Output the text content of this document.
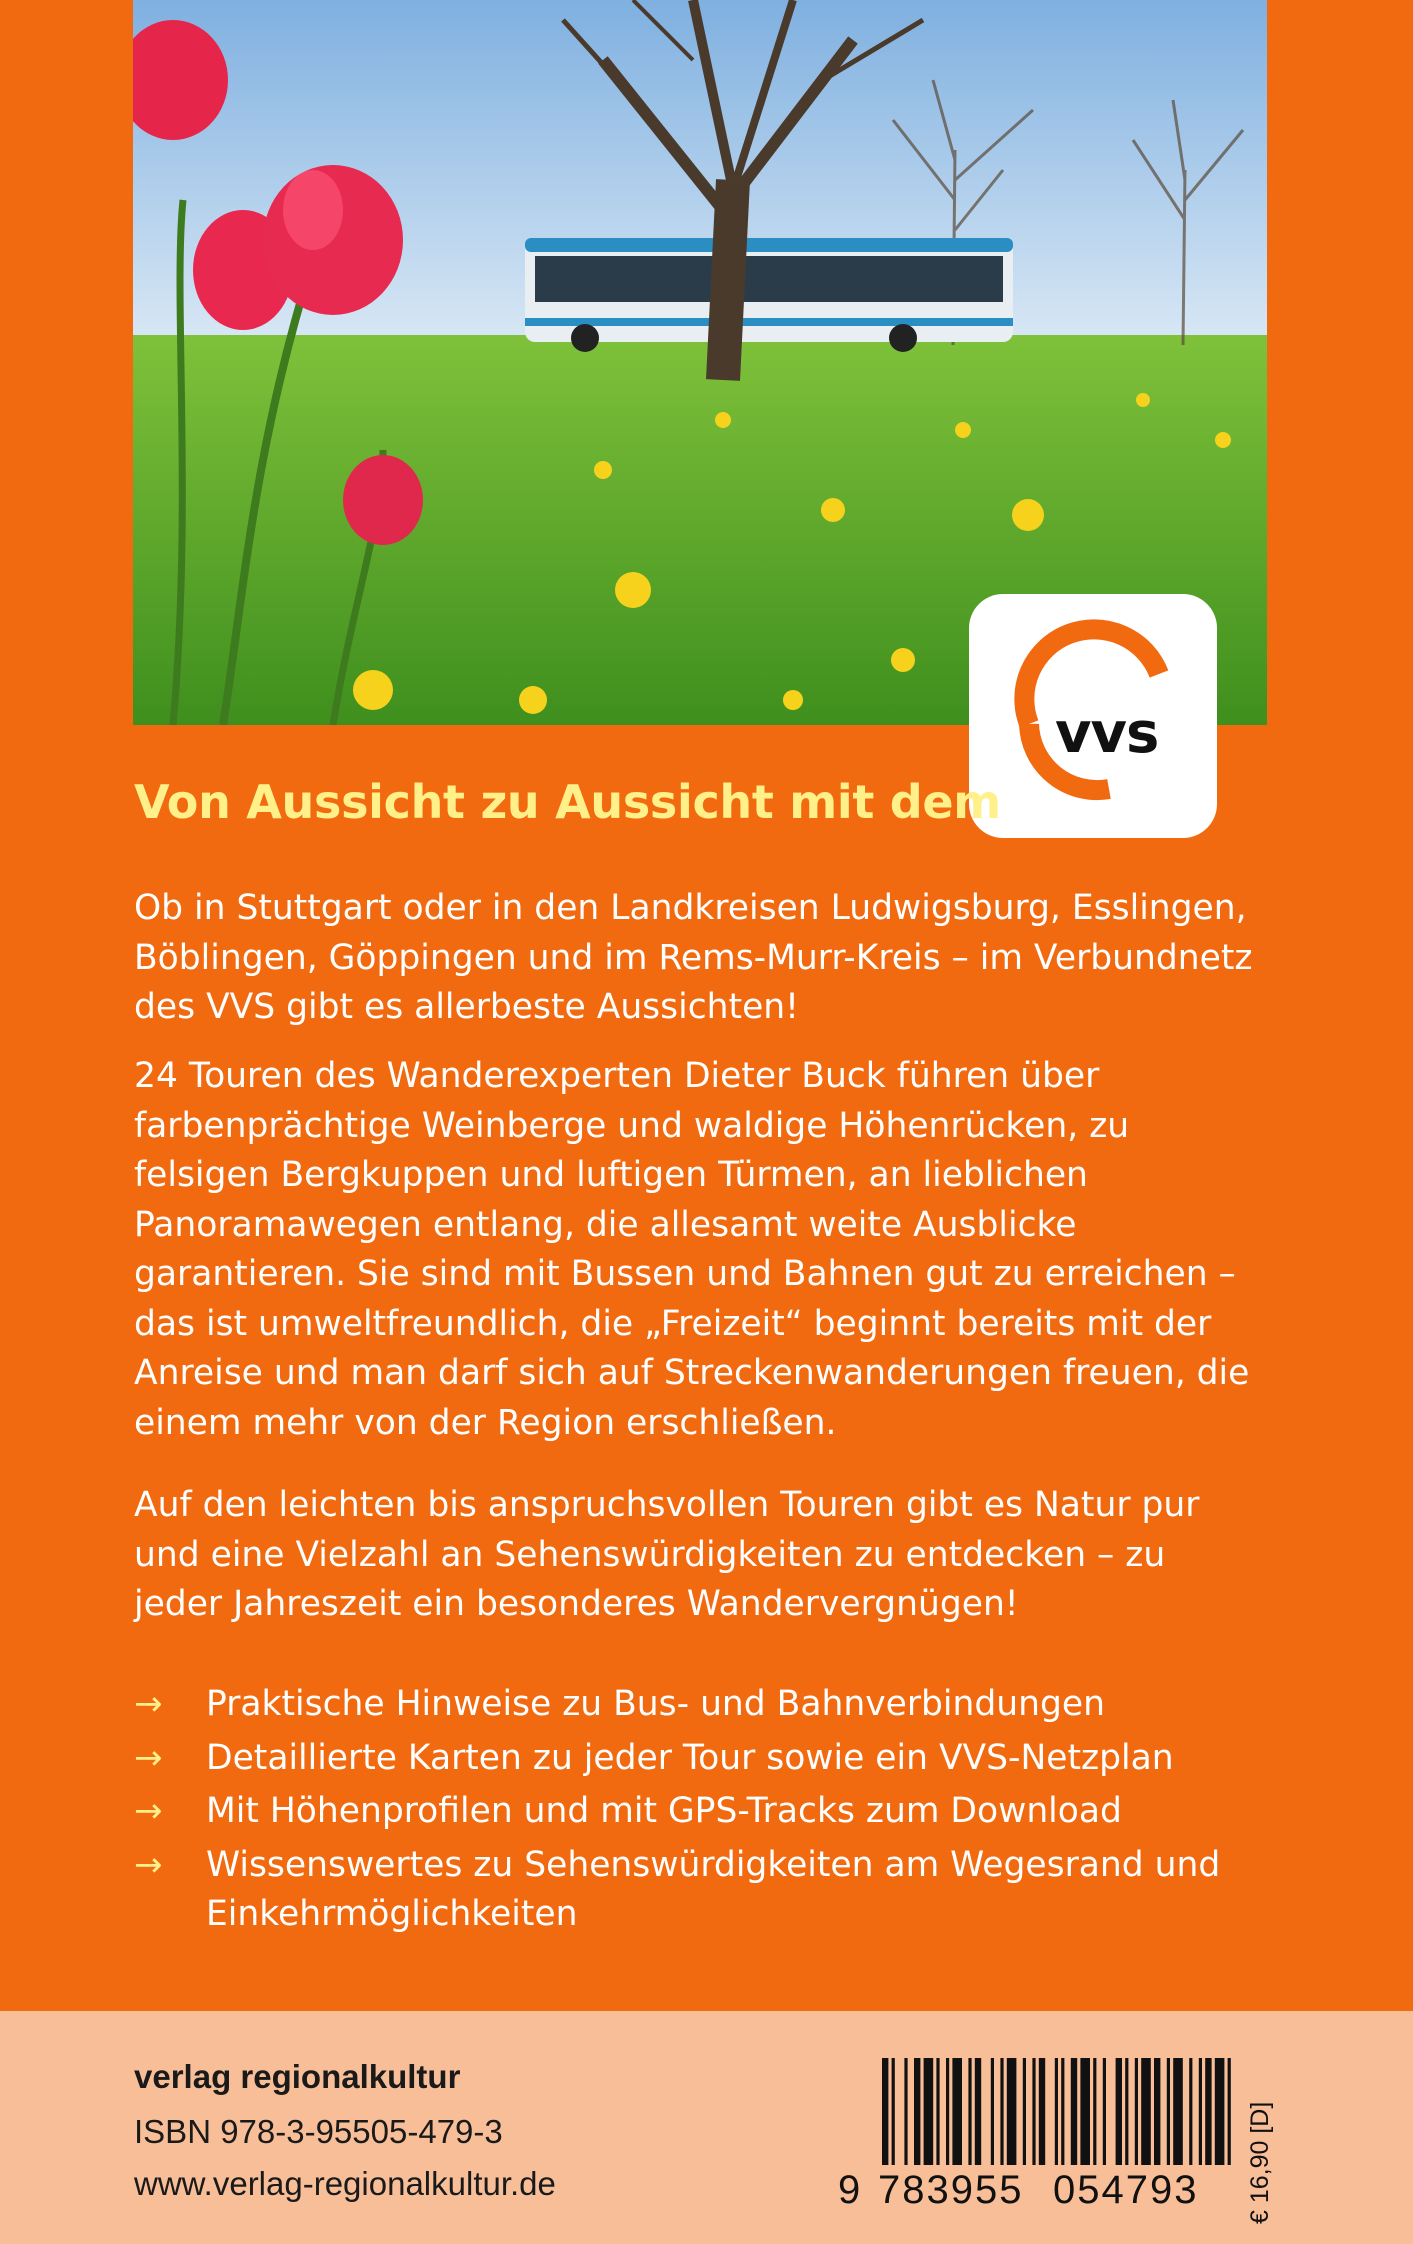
vvs
Von Aussicht zu Aussicht mit dem

Ob in Stuttgart oder in den Landkreisen Ludwigsburg, Esslingen, Böblingen, Göppingen und im Rems-Murr-Kreis – im Verbundnetz des VVS gibt es allerbeste Aussichten!

24 Touren des Wanderexperten Dieter Buck führen über farbenprächtige Weinberge und waldige Höhenrücken, zu felsigen Bergkuppen und luftigen Türmen, an lieblichen Panoramawegen entlang, die allesamt weite Ausblicke garantieren. Sie sind mit Bussen und Bahnen gut zu erreichen – das ist umweltfreundlich, die „Freizeit“ beginnt bereits mit der Anreise und man darf sich auf Streckenwanderungen freuen, die einem mehr von der Region erschließen.

Auf den leichten bis anspruchsvollen Touren gibt es Natur pur und eine Vielzahl an Sehenswürdigkeiten zu entdecken – zu jeder Jahreszeit ein besonderes Wandervergnügen!

→ Praktische Hinweise zu Bus- und Bahnverbindungen
→ Detaillierte Karten zu jeder Tour sowie ein VVS-Netzplan
→ Mit Höhenprofilen und mit GPS-Tracks zum Download
→ Wissenswertes zu Sehenswürdigkeiten am Wegesrand und Einkehrmöglichkeiten

verlag regionalkultur

ISBN 978-3-95505-479-3

www.verlag-regionalkultur.de	9 783955 054793 € 16,90 [D]
